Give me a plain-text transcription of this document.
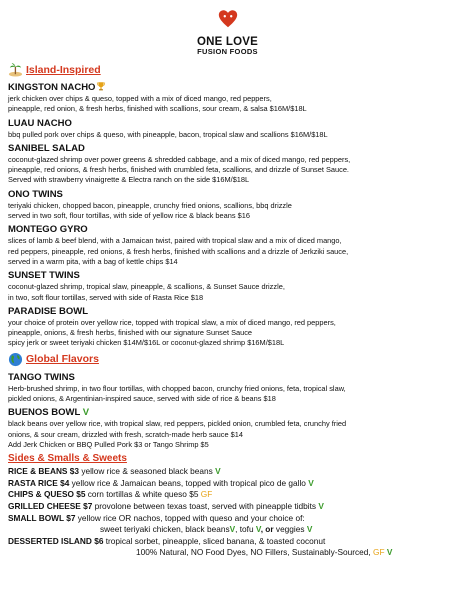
ONE LOVE
FUSION FOODS
Island-Inspired
KINGSTON NACHO
jerk chicken over chips & queso, topped with a mix of diced mango, red peppers,
pineapple, red onion, & fresh herbs, finished with scallions, sour cream, & salsa $16M/$18L
LUAU NACHO
bbq pulled pork over chips & queso, with pineapple, bacon, tropical slaw and scallions $16M/$18L
SANIBEL SALAD
coconut-glazed shrimp over power greens & shredded cabbage, and a mix of diced mango, red peppers,
pineapple, red onions, & fresh herbs, finished with crumbled feta, scallions, and drizzle of Sunset Sauce.
Served with strawberry vinaigrette & Electra ranch on the side $16M/$18L
ONO TWINS
teriyaki chicken, chopped bacon, pineapple, crunchy fried onions, scallions, bbq drizzle
served in two soft, flour tortillas, with side of yellow rice & black beans $16
MONTEGO GYRO
slices of lamb & beef blend, with a Jamaican twist, paired with tropical slaw and a mix of diced mango,
red peppers, pineapple, red onions, & fresh herbs, finished with scallions and a drizzle of Jerkziki sauce,
served in a warm pita, with a bag of kettle chips $14
SUNSET TWINS
coconut-glazed shrimp, tropical slaw, pineapple, & scallions, & Sunset Sauce drizzle,
in two, soft flour tortillas, served with side of Rasta Rice $18
PARADISE BOWL
your choice of protein over yellow rice, topped with tropical slaw, a mix of diced mango, red peppers,
pineapple, onions, & fresh herbs, finished with our signature Sunset Sauce
spicy jerk or sweet teriyaki chicken $14M/$16L or coconut-glazed shrimp $16M/$18L
Global Flavors
TANGO TWINS
Herb-brushed shrimp, in two flour tortillas, with chopped bacon, crunchy fried onions, feta, tropical slaw,
pickled onions, & Argentinian-inspired sauce, served with side of rice & beans $18
BUENOS BOWL V
black beans over yellow rice, with tropical slaw, red peppers, pickled onion, crumbled feta, crunchy fried
onions, & sour cream, drizzled with fresh, scratch-made herb sauce $14
Add Jerk Chicken or BBQ Pulled Pork $3 or Tango Shrimp $5
Sides & Smalls & Sweets
RICE & BEANS $3 yellow rice & seasoned black beans V
RASTA RICE $4 yellow rice & Jamaican beans, topped with tropical pico de gallo V
CHIPS & QUESO $5 corn tortillas & white queso $5 GF
GRILLED CHEESE $7 provolone between texas toast, served with pineapple tidbits V
SMALL BOWL $7 yellow rice OR nachos, topped with queso and your choice of:
sweet teriyaki chicken, black beansV, tofu V, or veggies V
DESSERTED ISLAND $6 tropical sorbet, pineapple, sliced banana, & toasted coconut
100% Natural, NO Food Dyes, NO Fillers, Sustainably-Sourced, GF V
